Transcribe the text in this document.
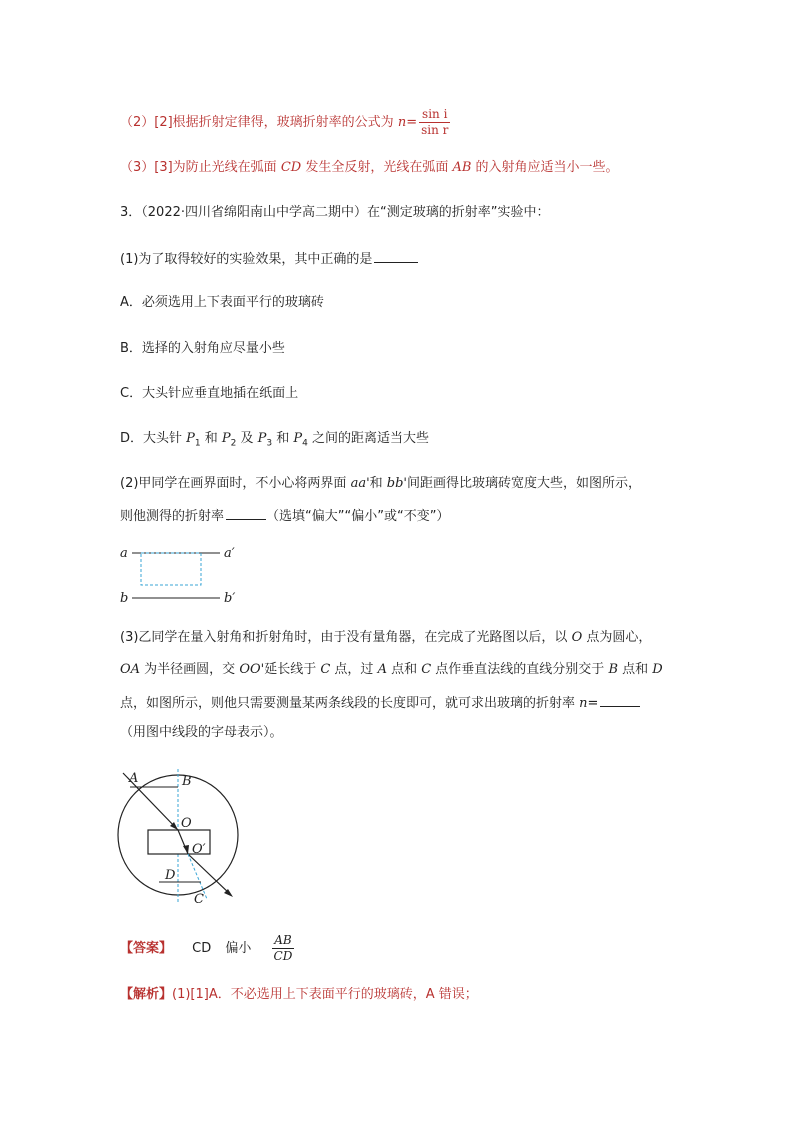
（2）[2]根据折射定律得，玻璃折射率的公式为 $n= \frac{\text{sin i}}{\text{sin r}}$
（3）[3]为防止光线在弧面 CD 发生全反射，光线在弧面 AB 的入射角应适当小一些。
3．（2022·四川省绵阳南山中学高二期中）在“测定玻璃的折射率”实验中：
(1)为了取得较好的实验效果，其中正确的是
A．必须选用上下表面平行的玻璃砖
B．选择的入射角应尽量小些
C．大头针应垂直地插在纸面上
D．大头针 $P_1$ 和 $P_2$ 及 $P_3$ 和 $P_4$ 之间的距离适当大些
(2)甲同学在画界面时，不小心将两界面 aa'和 bb'间距画得比玻璃砖宽度大些，如图所示，
则他测得的折射率	（选填“偏大”“偏小”或“不变”）
a	a′
b	b′
(3)乙同学在量入射角和折射角时，由于没有量角器，在完成了光路图以后，以 O 点为圆心，
OA 为半径画圆，交 OO'延长线于 C 点，过 A 点和 C 点作垂直法线的直线分别交于 B 点和 D
点，如图所示，则他只需要测量某两条线段的长度即可，就可求出玻璃的折射率 n=
（用图中线段的字母表示）。
A	B
O
O′
D
C
【答案】 CD 偏小 $\frac{AB}{CD}$
【解析】(1)[1]A．不必选用上下表面平行的玻璃砖，A 错误；
